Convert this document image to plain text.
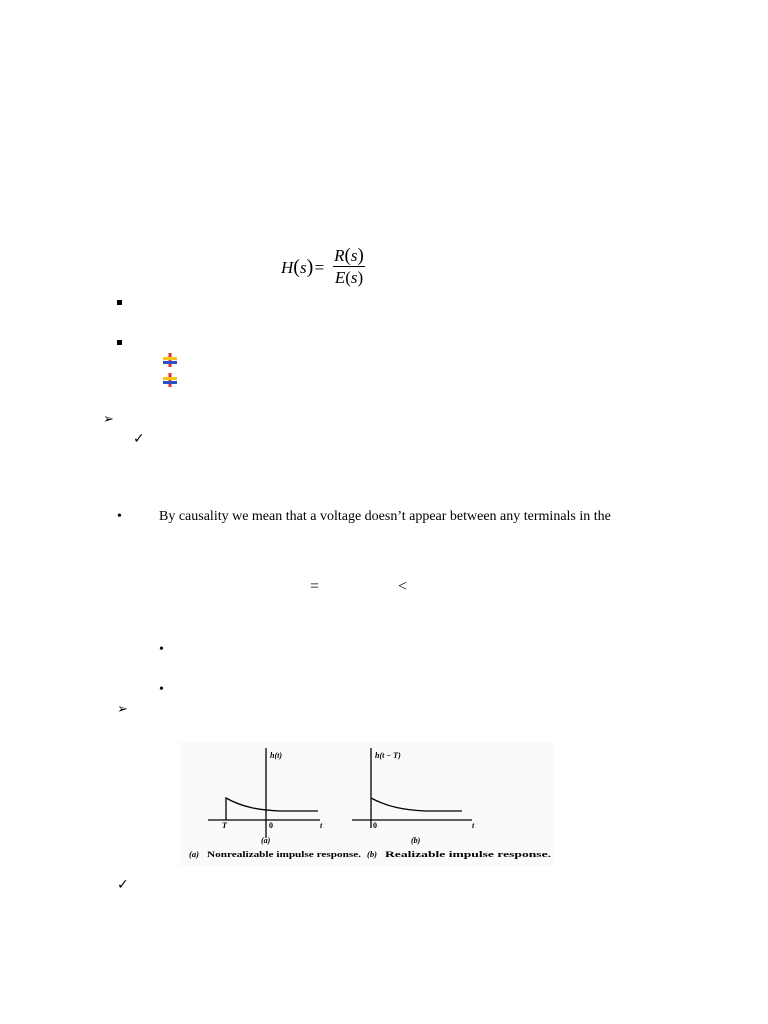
H(s) =
R(s)
E(s)
➢
✓
•	By causality we mean that a voltage doesn’t appear between any terminals in the
=	<
•
•
➢
h(t)
t
T	0
(a)
h(t − T)
t
0
(b)
(a) Nonrealizable impulse response. (b) Realizable impulse response.
✓
